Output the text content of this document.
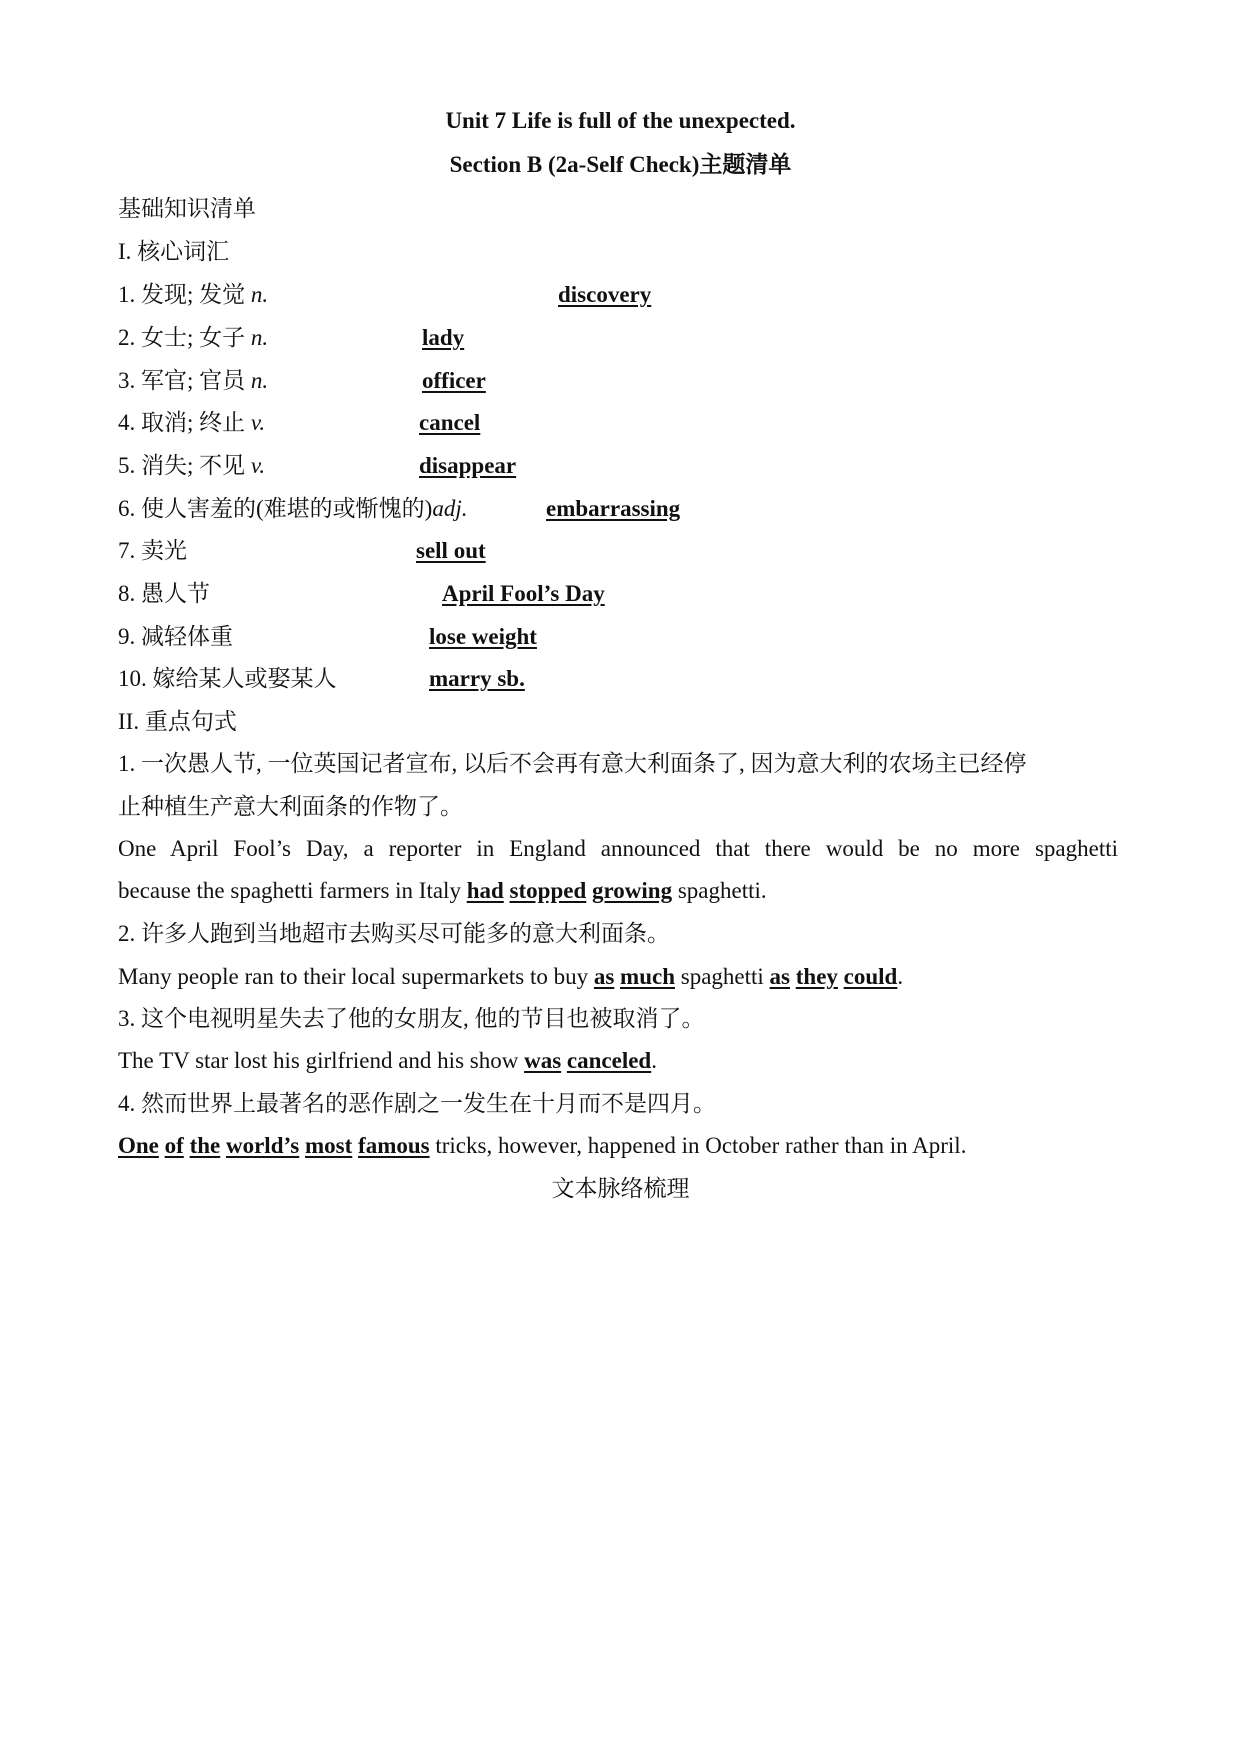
Unit 7 Life is full of the unexpected.
Section B (2a-Self Check)主题清单
基础知识清单
I. 核心词汇
1. 发现; 发觉 n.	discovery
2. 女士; 女子 n.	lady
3. 军官; 官员 n.	officer
4. 取消; 终止 v.	cancel
5. 消失; 不见 v.	disappear
6. 使人害羞的(难堪的或惭愧的)adj.	embarrassing
7. 卖光	sell out
8. 愚人节	April Fool’s Day
9. 减轻体重	lose weight
10. 嫁给某人或娶某人	marry sb.
II. 重点句式
1. 一次愚人节, 一位英国记者宣布, 以后不会再有意大利面条了, 因为意大利的农场主已经停
止种植生产意大利面条的作物了。
One April Fool’s Day, a reporter in England announced that there would be no more spaghetti
because the spaghetti farmers in Italy had stopped growing spaghetti.
2. 许多人跑到当地超市去购买尽可能多的意大利面条。
Many people ran to their local supermarkets to buy as much spaghetti as they could.
3. 这个电视明星失去了他的女朋友, 他的节目也被取消了。
The TV star lost his girlfriend and his show was canceled.
4. 然而世界上最著名的恶作剧之一发生在十月而不是四月。
One of the world’s most famous tricks, however, happened in October rather than in April.
文本脉络梳理
